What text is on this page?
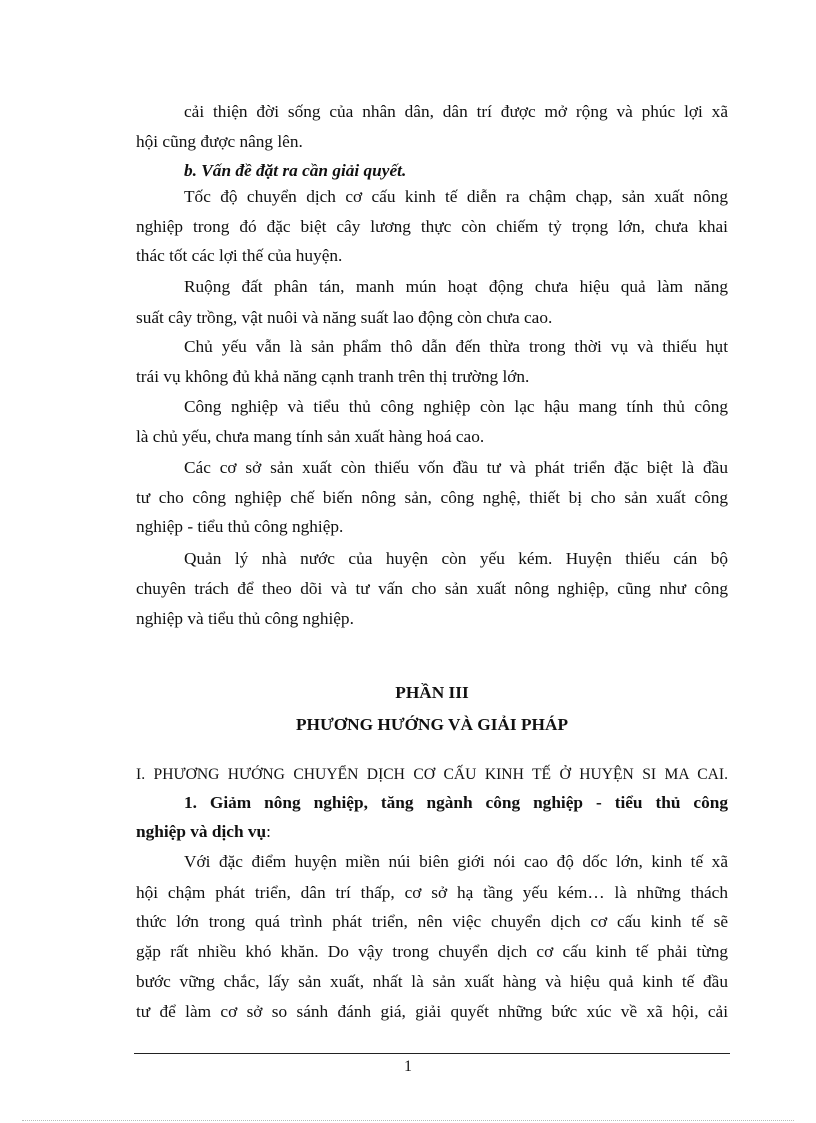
cải thiện đời sống của nhân dân, dân trí được mở rộng và phúc lợi xã
hội cũng được nâng lên.
b. Vấn đề đặt ra cần giải quyết.
Tốc độ chuyển dịch cơ cấu kinh tế diễn ra chậm chạp, sản xuất nông
nghiệp trong đó đặc biệt cây lương thực còn chiếm tỷ trọng lớn, chưa khai
thác tốt các lợi thế của huyện.
Ruộng đất phân tán, manh mún hoạt động chưa hiệu quả làm năng
suất cây trồng, vật nuôi và năng suất lao động còn chưa cao.
Chủ yếu vẫn là sản phẩm thô dẫn đến thừa trong thời vụ và thiếu hụt
trái vụ không đủ khả năng cạnh tranh trên thị trường lớn.
Công nghiệp và tiểu thủ công nghiệp còn lạc hậu mang tính thủ công
là chủ yếu, chưa mang tính sản xuất hàng hoá cao.
Các cơ sở sản xuất còn thiếu vốn đầu tư và phát triển đặc biệt là đầu
tư cho công nghiệp chế biến nông sản, công nghệ, thiết bị cho sản xuất công
nghiệp - tiểu thủ công nghiệp.
Quản lý nhà nước của huyện còn yếu kém. Huyện thiếu cán bộ
chuyên trách để theo dõi và tư vấn cho sản xuất nông nghiệp, cũng như công
nghiệp và tiểu thủ công nghiệp.
PHẦN III
PHƯƠNG HƯỚNG VÀ GIẢI PHÁP
I. PHƯƠNG HƯỚNG CHUYỂN DỊCH CƠ CẤU KINH TẾ Ở HUYỆN SI MA CAI.
1. Giảm nông nghiệp, tăng ngành công nghiệp - tiểu thủ công
nghiệp và dịch vụ:
Với đặc điểm huyện miền núi biên giới nói cao độ dốc lớn, kinh tế xã
hội chậm phát triển, dân trí thấp, cơ sở hạ tầng yếu kém… là những thách
thức lớn trong quá trình phát triển, nên việc chuyển dịch cơ cấu kinh tế sẽ
gặp rất nhiều khó khăn. Do vậy trong chuyển dịch cơ cấu kinh tế phải từng
bước vững chắc, lấy sản xuất, nhất là sản xuất hàng và hiệu quả kinh tế đầu
tư để làm cơ sở so sánh đánh giá, giải quyết những bức xúc về xã hội, cải
1
